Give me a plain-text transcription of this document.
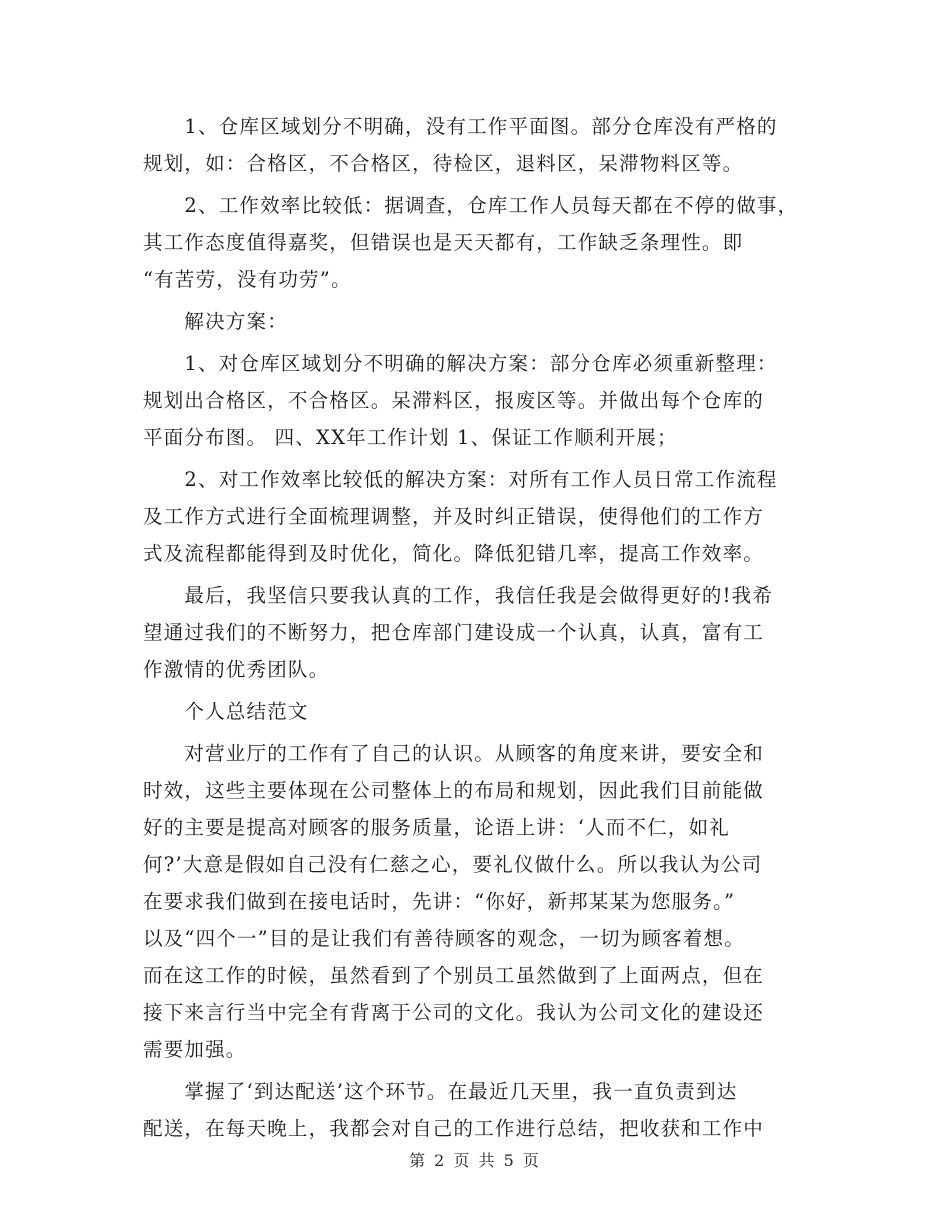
　　1、仓库区域划分不明确，没有工作平面图。部分仓库没有严格的
规划，如：合格区，不合格区，待检区，退料区，呆滞物料区等。
　　2、工作效率比较低：据调查，仓库工作人员每天都在不停的做事，
其工作态度值得嘉奖，但错误也是天天都有，工作缺乏条理性。即
“有苦劳，没有功劳”。
　　解决方案：
　　1、对仓库区域划分不明确的解决方案：部分仓库必须重新整理：
规划出合格区，不合格区。呆滞料区，报废区等。并做出每个仓库的
平面分布图。 四、XX年工作计划 1、保证工作顺利开展；
　　2、对工作效率比较低的解决方案：对所有工作人员日常工作流程
及工作方式进行全面梳理调整，并及时纠正错误，使得他们的工作方
式及流程都能得到及时优化，简化。降低犯错几率，提高工作效率。
　　最后，我坚信只要我认真的工作，我信任我是会做得更好的!我希
望通过我们的不断努力，把仓库部门建设成一个认真，认真，富有工
作激情的优秀团队。
　　个人总结范文
　　对营业厅的工作有了自己的认识。从顾客的角度来讲，要安全和
时效，这些主要体现在公司整体上的布局和规划，因此我们目前能做
好的主要是提高对顾客的服务质量，论语上讲：‘人而不仁，如礼
何?’大意是假如自己没有仁慈之心，要礼仪做什么。所以我认为公司
在要求我们做到在接电话时，先讲：“你好，新邦某某为您服务。”
以及“四个一”目的是让我们有善待顾客的观念，一切为顾客着想。
而在这工作的时候，虽然看到了个别员工虽然做到了上面两点，但在
接下来言行当中完全有背离于公司的文化。我认为公司文化的建设还
需要加强。
　　掌握了‘到达配送’这个环节。在最近几天里，我一直负责到达
配送，在每天晚上，我都会对自己的工作进行总结，把收获和工作中
第 2 页 共 5 页
